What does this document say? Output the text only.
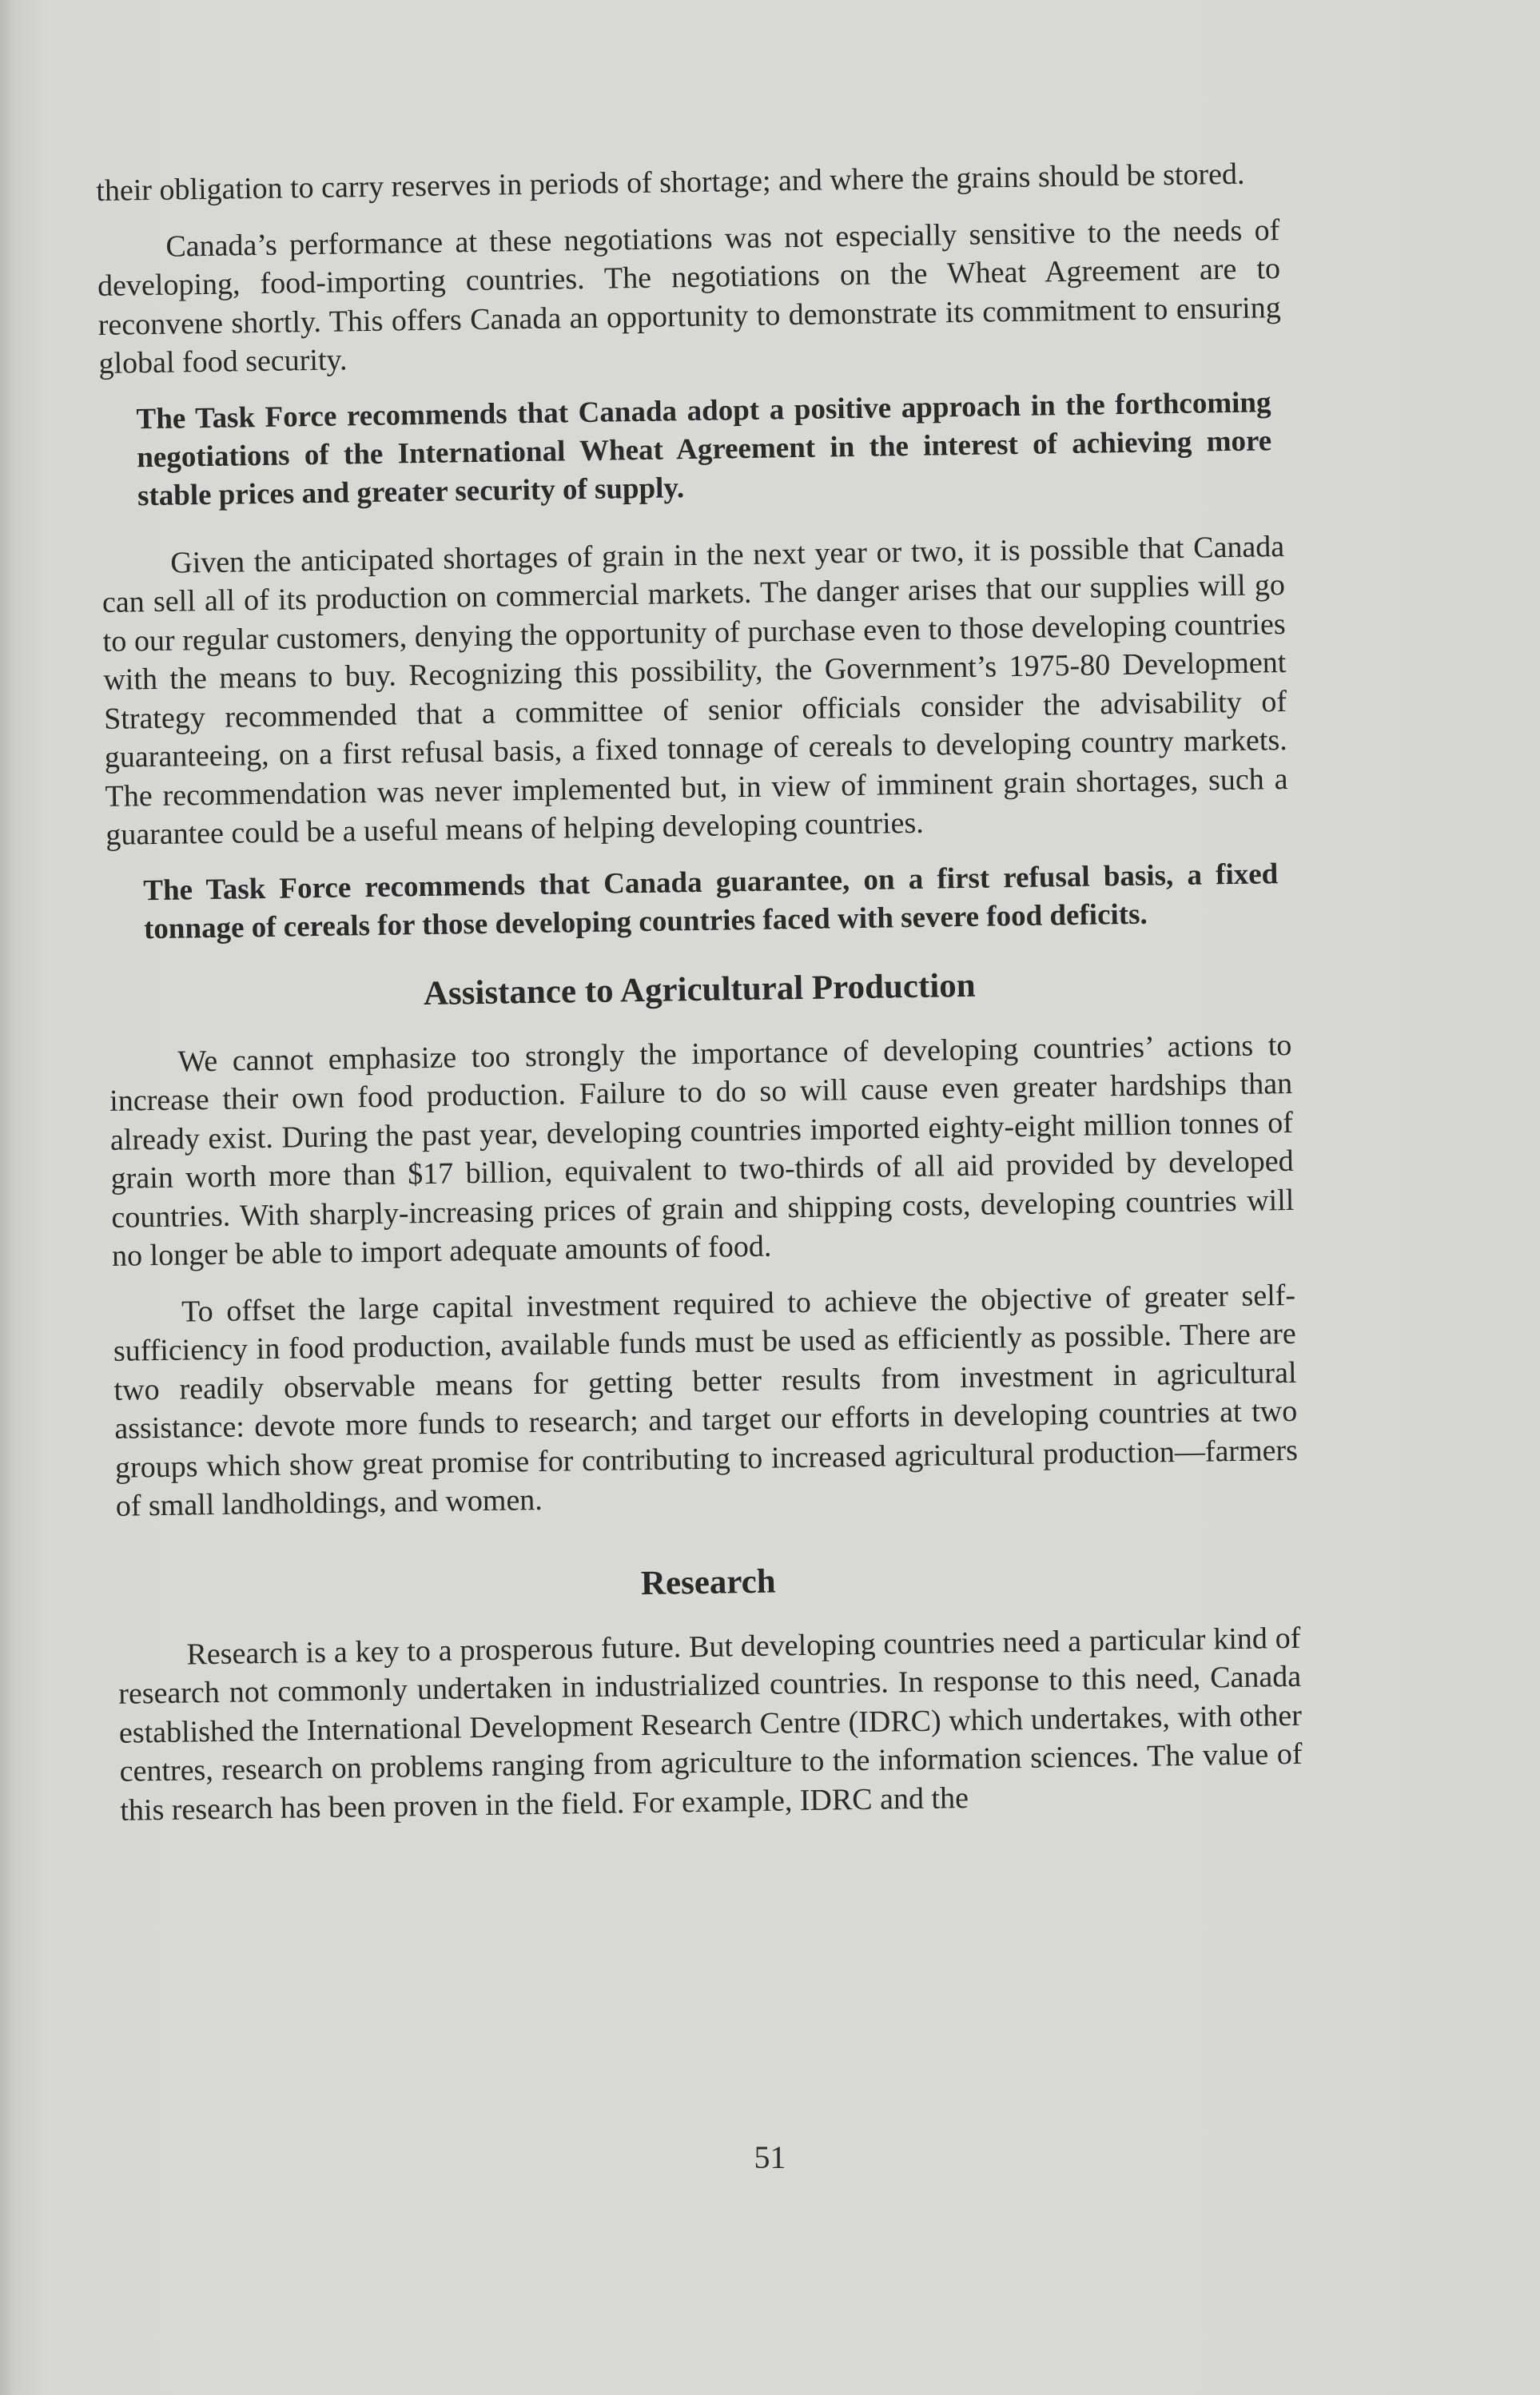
their obligation to carry reserves in periods of shortage; and where the grains should be stored.

Canada’s performance at these negotiations was not especially sensitive to the needs of developing, food-importing countries. The negotiations on the Wheat Agreement are to reconvene shortly. This offers Canada an opportunity to demonstrate its commitment to ensuring global food security.

The Task Force recommends that Canada adopt a positive approach in the forthcoming negotiations of the International Wheat Agreement in the interest of achieving more stable prices and greater security of supply.

Given the anticipated shortages of grain in the next year or two, it is possible that Canada can sell all of its production on commercial markets. The danger arises that our supplies will go to our regular customers, denying the opportunity of purchase even to those developing countries with the means to buy. Recognizing this possibility, the Government’s 1975-80 Development Strategy recommended that a committee of senior officials consider the advisability of guaranteeing, on a first refusal basis, a fixed tonnage of cereals to developing country markets. The recommendation was never implemented but, in view of imminent grain shortages, such a guarantee could be a useful means of helping developing countries.

The Task Force recommends that Canada guarantee, on a first refusal basis, a fixed tonnage of cereals for those developing countries faced with severe food deficits.

Assistance to Agricultural Production

We cannot emphasize too strongly the importance of developing countries’ actions to increase their own food production. Failure to do so will cause even greater hardships than already exist. During the past year, developing countries imported eighty-eight million tonnes of grain worth more than $17 billion, equivalent to two-thirds of all aid provided by developed countries. With sharply-increasing prices of grain and shipping costs, developing countries will no longer be able to import adequate amounts of food.

To offset the large capital investment required to achieve the objective of greater self-sufficiency in food production, available funds must be used as efficiently as possible. There are two readily observable means for getting better results from investment in agricultural assistance: devote more funds to research; and target our efforts in developing countries at two groups which show great promise for contributing to increased agricultural production—farmers of small landholdings, and women.

Research

Research is a key to a prosperous future. But developing countries need a particular kind of research not commonly undertaken in industrialized countries. In response to this need, Canada established the International Development Research Centre (IDRC) which undertakes, with other centres, research on problems ranging from agriculture to the information sciences. The value of this research has been proven in the field. For example, IDRC and the

51
